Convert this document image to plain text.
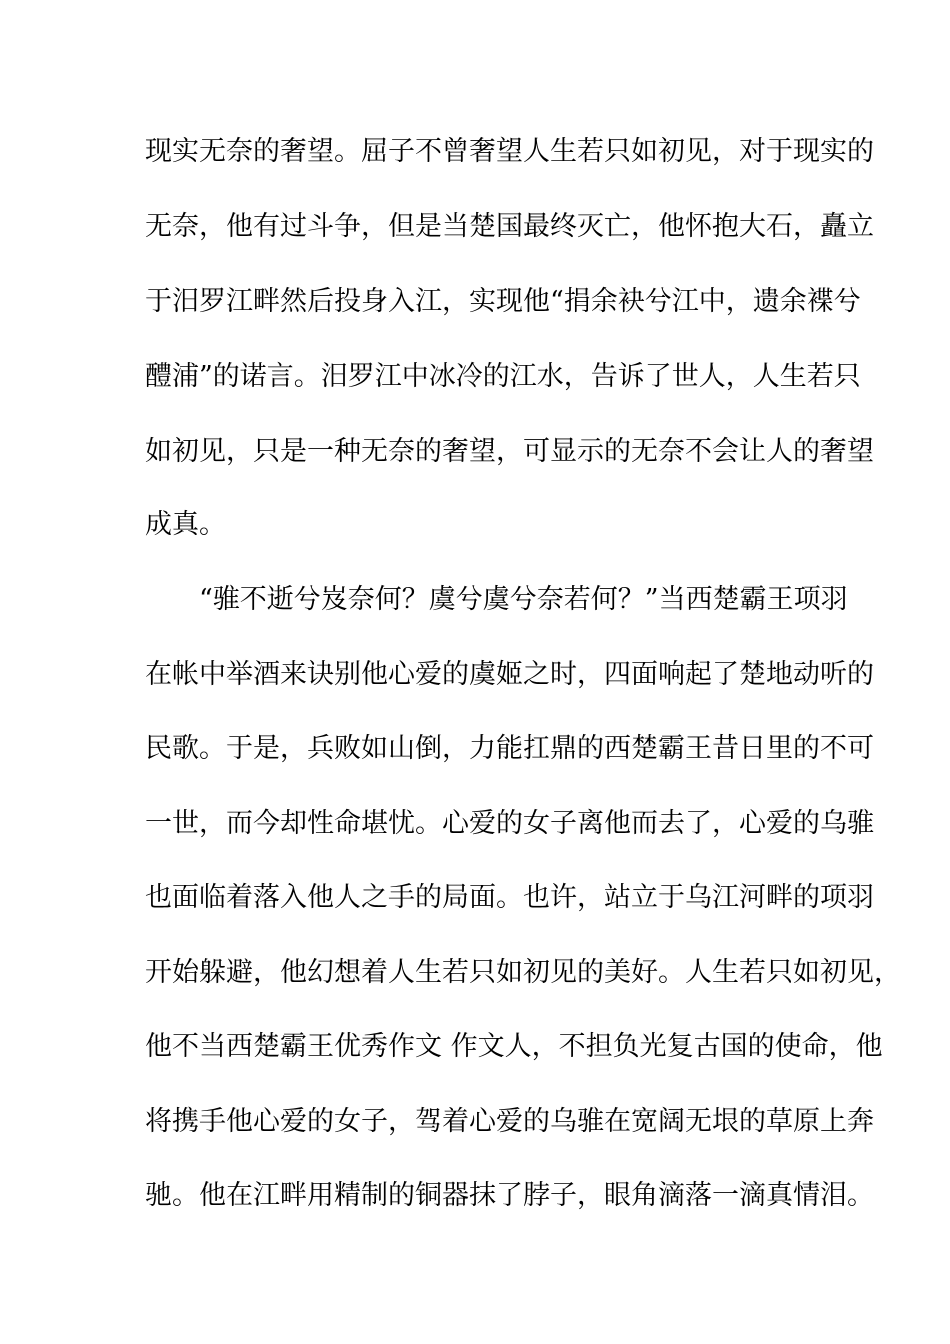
现实无奈的奢望。屈子不曾奢望人生若只如初见，对于现实的
无奈，他有过斗争，但是当楚国最终灭亡，他怀抱大石，矗立
于汨罗江畔然后投身入江，实现他“捐余袂兮江中，遗余褋兮
醴浦”的诺言。汨罗江中冰冷的江水，告诉了世人，人生若只
如初见，只是一种无奈的奢望，可显示的无奈不会让人的奢望
成真。
“骓不逝兮岌奈何？虞兮虞兮奈若何？”当西楚霸王项羽
在帐中举酒来诀别他心爱的虞姬之时，四面响起了楚地动听的
民歌。于是，兵败如山倒，力能扛鼎的西楚霸王昔日里的不可
一世，而今却性命堪忧。心爱的女子离他而去了，心爱的乌骓
也面临着落入他人之手的局面。也许，站立于乌江河畔的项羽
开始躲避，他幻想着人生若只如初见的美好。人生若只如初见，
他不当西楚霸王优秀作文 作文人，不担负光复古国的使命，他
将携手他心爱的女子，驾着心爱的乌骓在宽阔无垠的草原上奔
驰。他在江畔用精制的铜器抹了脖子，眼角滴落一滴真情泪。
